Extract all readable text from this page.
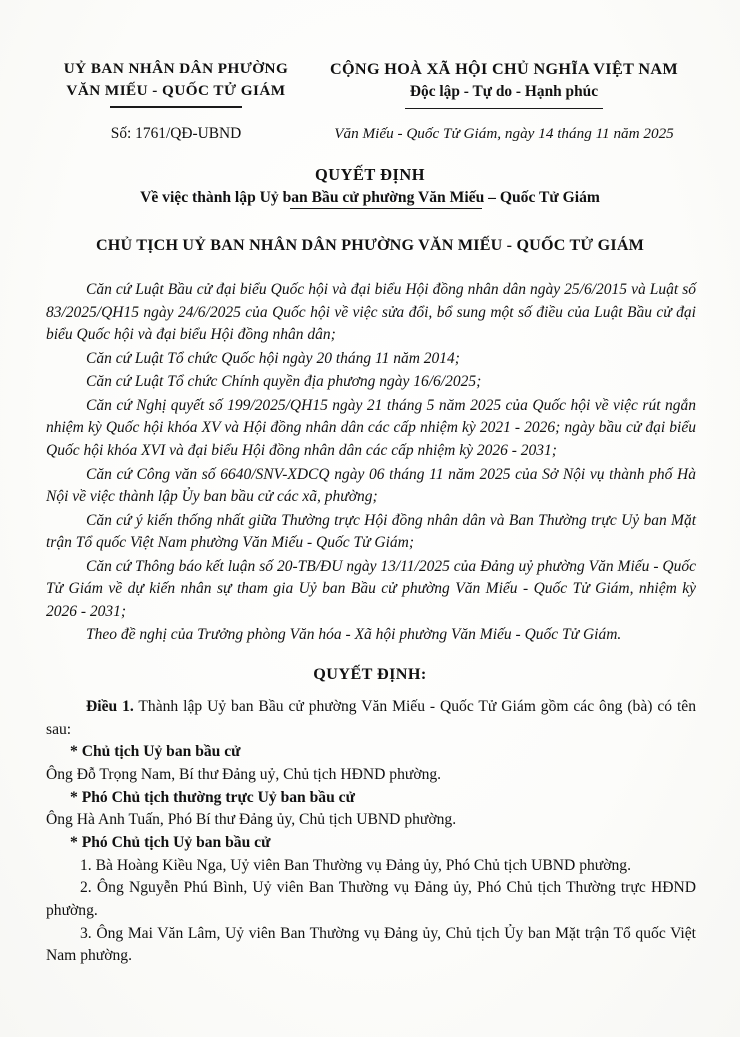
UỶ BAN NHÂN DÂN PHƯỜNG
VĂN MIẾU - QUỐC TỬ GIÁM
CỘNG HOÀ XÃ HỘI CHỦ NGHĨA VIỆT NAM
Độc lập - Tự do - Hạnh phúc
Số: 1761/QĐ-UBND	Văn Miếu - Quốc Tử Giám, ngày 14 tháng 11 năm 2025
QUYẾT ĐỊNH
Về việc thành lập Uỷ ban Bầu cử phường Văn Miếu – Quốc Tử Giám
CHỦ TỊCH UỶ BAN NHÂN DÂN PHƯỜNG VĂN MIẾU - QUỐC TỬ GIÁM

Căn cứ Luật Bầu cử đại biểu Quốc hội và đại biểu Hội đồng nhân dân ngày 25/6/2015 và Luật số 83/2025/QH15 ngày 24/6/2025 của Quốc hội về việc sửa đổi, bổ sung một số điều của Luật Bầu cử đại biểu Quốc hội và đại biểu Hội đồng nhân dân;

Căn cứ Luật Tổ chức Quốc hội ngày 20 tháng 11 năm 2014;

Căn cứ Luật Tổ chức Chính quyền địa phương ngày 16/6/2025;

Căn cứ Nghị quyết số 199/2025/QH15 ngày 21 tháng 5 năm 2025 của Quốc hội về việc rút ngắn nhiệm kỳ Quốc hội khóa XV và Hội đồng nhân dân các cấp nhiệm kỳ 2021 - 2026; ngày bầu cử đại biểu Quốc hội khóa XVI và đại biểu Hội đồng nhân dân các cấp nhiệm kỳ 2026 - 2031;

Căn cứ Công văn số 6640/SNV-XDCQ ngày 06 tháng 11 năm 2025 của Sở Nội vụ thành phố Hà Nội về việc thành lập Ủy ban bầu cử các xã, phường;

Căn cứ ý kiến thống nhất giữa Thường trực Hội đồng nhân dân và Ban Thường trực Uỷ ban Mặt trận Tổ quốc Việt Nam phường Văn Miếu - Quốc Tử Giám;

Căn cứ Thông báo kết luận số 20-TB/ĐU ngày 13/11/2025 của Đảng uỷ phường Văn Miếu - Quốc Tử Giám về dự kiến nhân sự tham gia Uỷ ban Bầu cử phường Văn Miếu - Quốc Tử Giám, nhiệm kỳ 2026 - 2031;

Theo đề nghị của Trưởng phòng Văn hóa - Xã hội phường Văn Miếu - Quốc Tử Giám.

QUYẾT ĐỊNH:

Điều 1. Thành lập Uỷ ban Bầu cử phường Văn Miếu - Quốc Tử Giám gồm các ông (bà) có tên sau:

* Chủ tịch Uỷ ban bầu cử

Ông Đỗ Trọng Nam, Bí thư Đảng uỷ, Chủ tịch HĐND phường.

* Phó Chủ tịch thường trực Uỷ ban bầu cử

Ông Hà Anh Tuấn, Phó Bí thư Đảng ủy, Chủ tịch UBND phường.

* Phó Chủ tịch Uỷ ban bầu cử

1. Bà Hoàng Kiều Nga, Uỷ viên Ban Thường vụ Đảng ủy, Phó Chủ tịch UBND phường.

2. Ông Nguyễn Phú Bình, Uỷ viên Ban Thường vụ Đảng ủy, Phó Chủ tịch Thường trực HĐND phường.

3. Ông Mai Văn Lâm, Uỷ viên Ban Thường vụ Đảng ủy, Chủ tịch Ủy ban Mặt trận Tổ quốc Việt Nam phường.
